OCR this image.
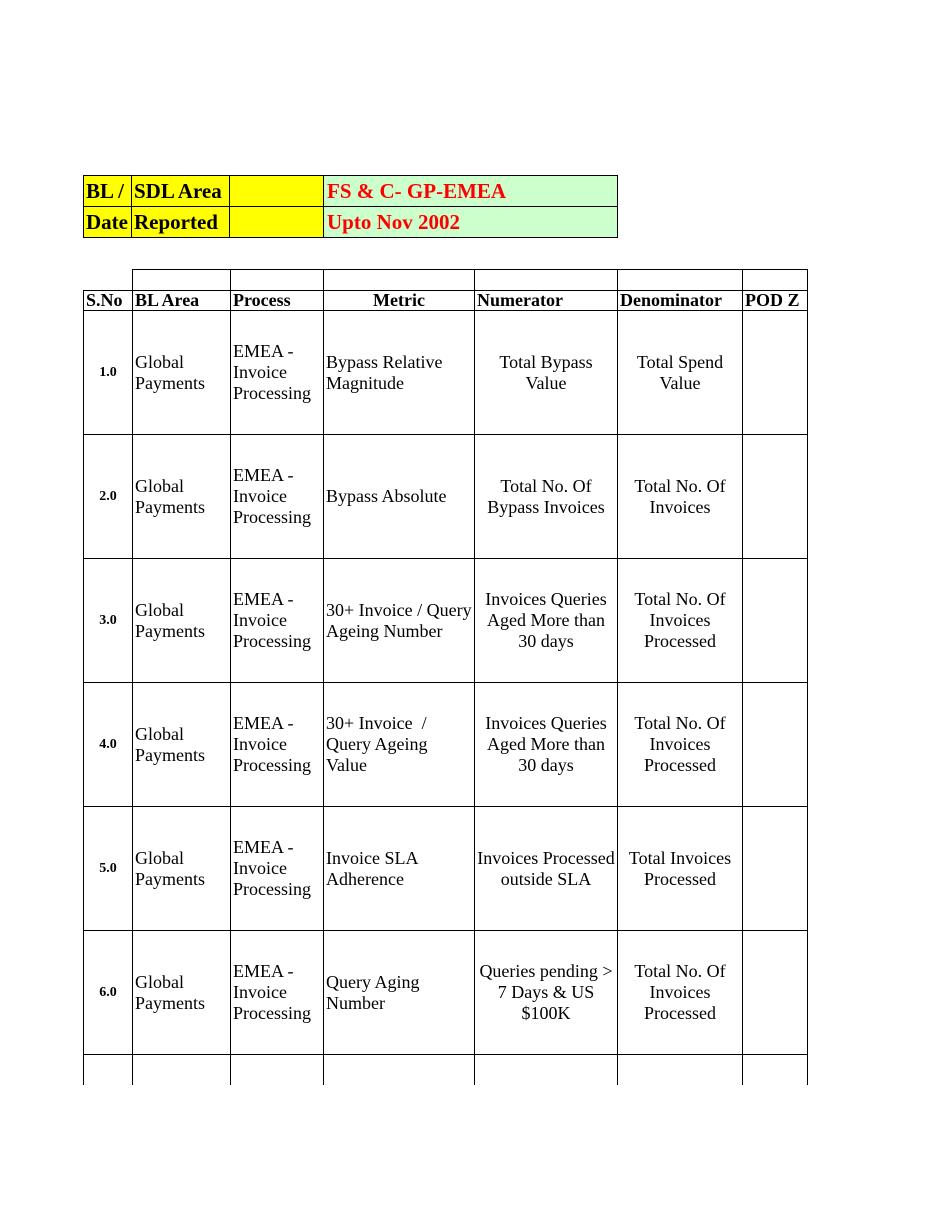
BL /	SDL Area		FS & C- GP-EMEA
Date	Reported		Upto Nov 2002

S.No	BL Area	Process	Metric	Numerator	Denominator	POD Z
1.0	Global Payments	EMEA - Invoice Processing	Bypass Relative Magnitude	Total Bypass Value	Total Spend Value	
2.0	Global Payments	EMEA - Invoice Processing	Bypass Absolute	Total No. Of Bypass Invoices	Total No. Of Invoices	
3.0	Global Payments	EMEA - Invoice Processing	30+ Invoice / Query Ageing Number	Invoices Queries Aged More than 30 days	Total No. Of Invoices Processed	
4.0	Global Payments	EMEA - Invoice Processing	30+ Invoice  / Query Ageing Value	Invoices Queries Aged More than 30 days	Total No. Of Invoices Processed	
5.0	Global Payments	EMEA - Invoice Processing	Invoice SLA Adherence	Invoices Processed outside SLA	Total Invoices Processed	
6.0	Global Payments	EMEA - Invoice Processing	Query Aging Number	Queries pending > 7 Days & US $100K	Total No. Of Invoices Processed	
